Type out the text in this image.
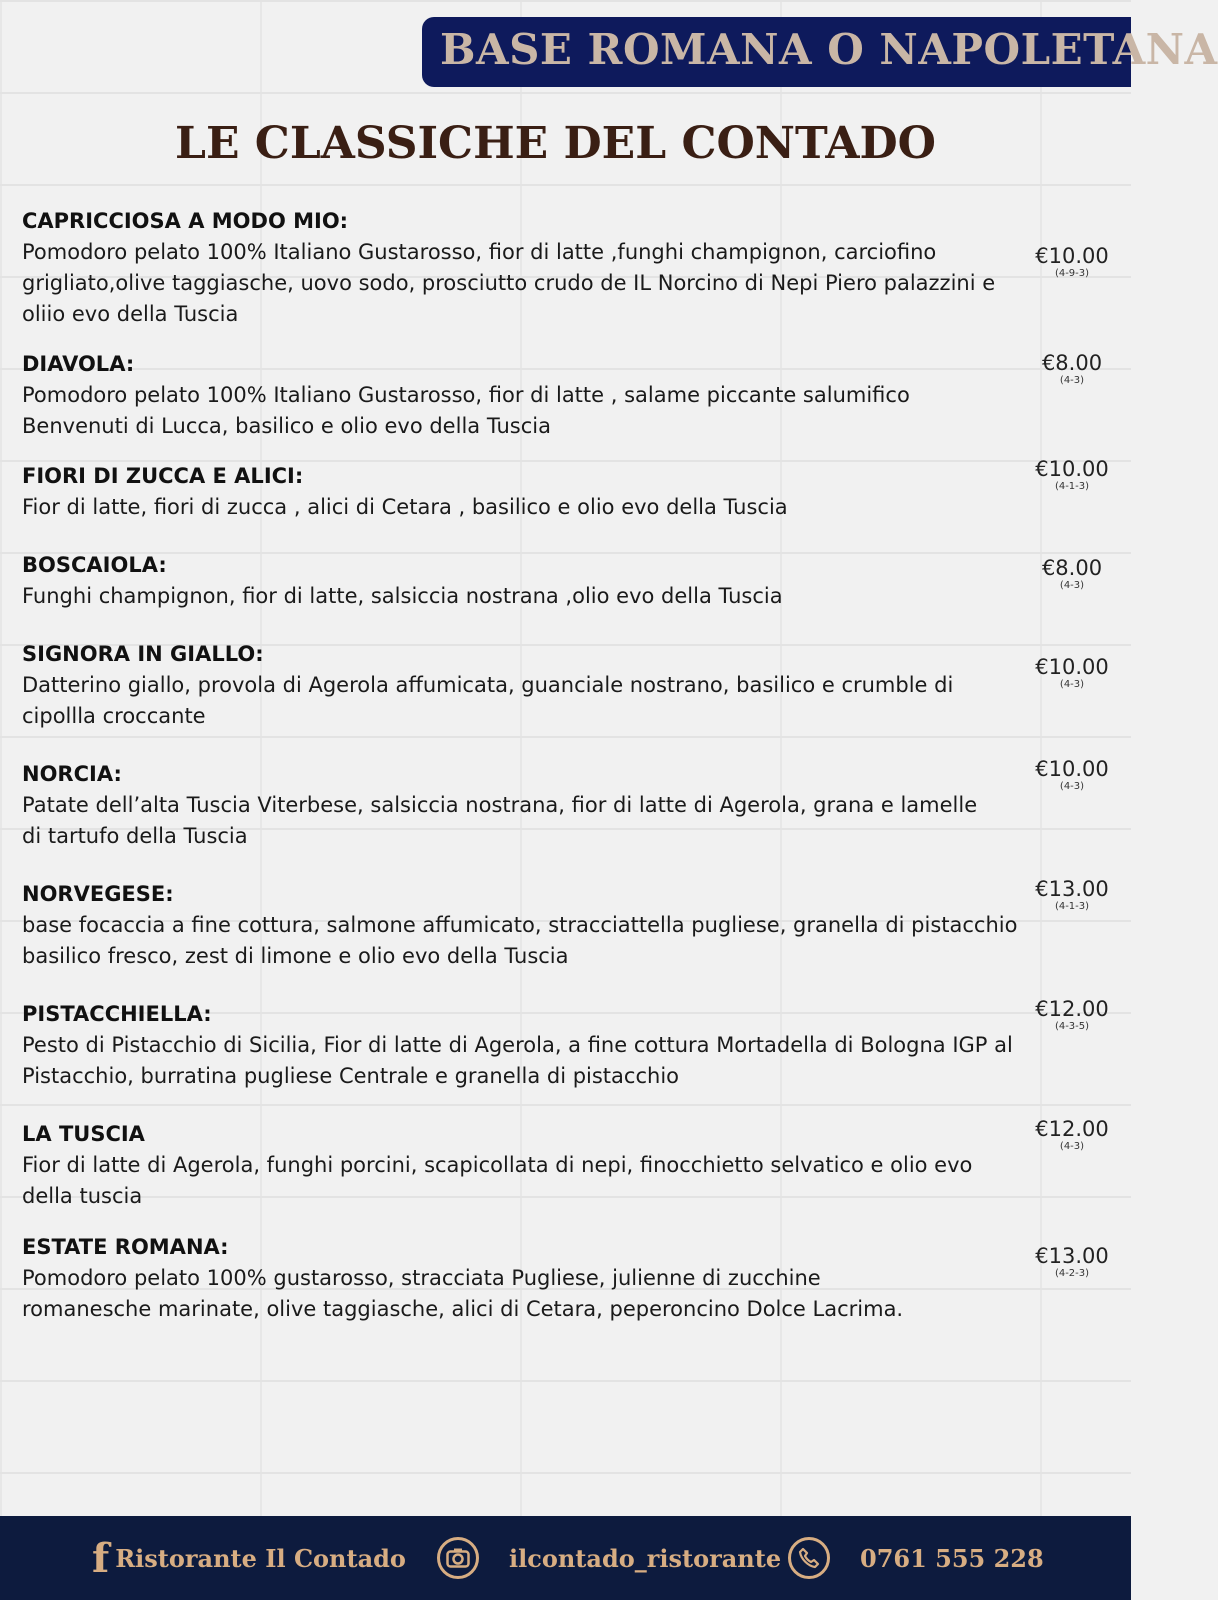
BASE ROMANA O NAPOLETANA
LE CLASSICHE DEL CONTADO
€10.00
(4-9-3)
CAPRICCIOSA A MODO MIO:
Pomodoro pelato 100% Italiano Gustarosso, fior di latte ,funghi champignon, carciofino grigliato,olive taggiasche, uovo sodo, prosciutto crudo de IL Norcino di Nepi Piero palazzini e oliio evo della Tuscia
€8.00
(4-3)
DIAVOLA:
Pomodoro pelato 100% Italiano Gustarosso, fior di latte , salame piccante salumifico Benvenuti di Lucca, basilico e olio evo della Tuscia
€10.00
(4-1-3)
FIORI DI ZUCCA E ALICI:
Fior di latte, fiori di zucca , alici di Cetara , basilico e olio evo della Tuscia
€8.00
(4-3)
BOSCAIOLA:
Funghi champignon, fior di latte, salsiccia nostrana ,olio evo della Tuscia
€10.00
(4-3)
SIGNORA IN GIALLO:
Datterino giallo, provola di Agerola affumicata, guanciale nostrano, basilico e crumble di cipollla croccante
€10.00
(4-3)
NORCIA:
Patate dell’alta Tuscia Viterbese, salsiccia nostrana, fior di latte di Agerola, grana e lamelle di tartufo della Tuscia
€13.00
(4-1-3)
NORVEGESE:
base focaccia a fine cottura, salmone affumicato, stracciattella pugliese, granella di pistacchio basilico fresco, zest di limone e olio evo della Tuscia
€12.00
(4-3-5)
PISTACCHIELLA:
Pesto di Pistacchio di Sicilia, Fior di latte di Agerola, a fine cottura Mortadella di Bologna IGP al Pistacchio, burratina pugliese Centrale e granella di pistacchio
€12.00
(4-3)
LA TUSCIA
Fior di latte di Agerola, funghi porcini, scapicollata di nepi, finocchietto selvatico e olio evo della tuscia
€13.00
(4-2-3)
ESTATE ROMANA:
Pomodoro pelato 100% gustarosso, stracciata Pugliese, julienne di zucchine romanesche marinate, olive taggiasche, alici di Cetara, peperoncino Dolce Lacrima.
f Ristorante Il Contado	ilcontado_ristorante	0761 555 228
